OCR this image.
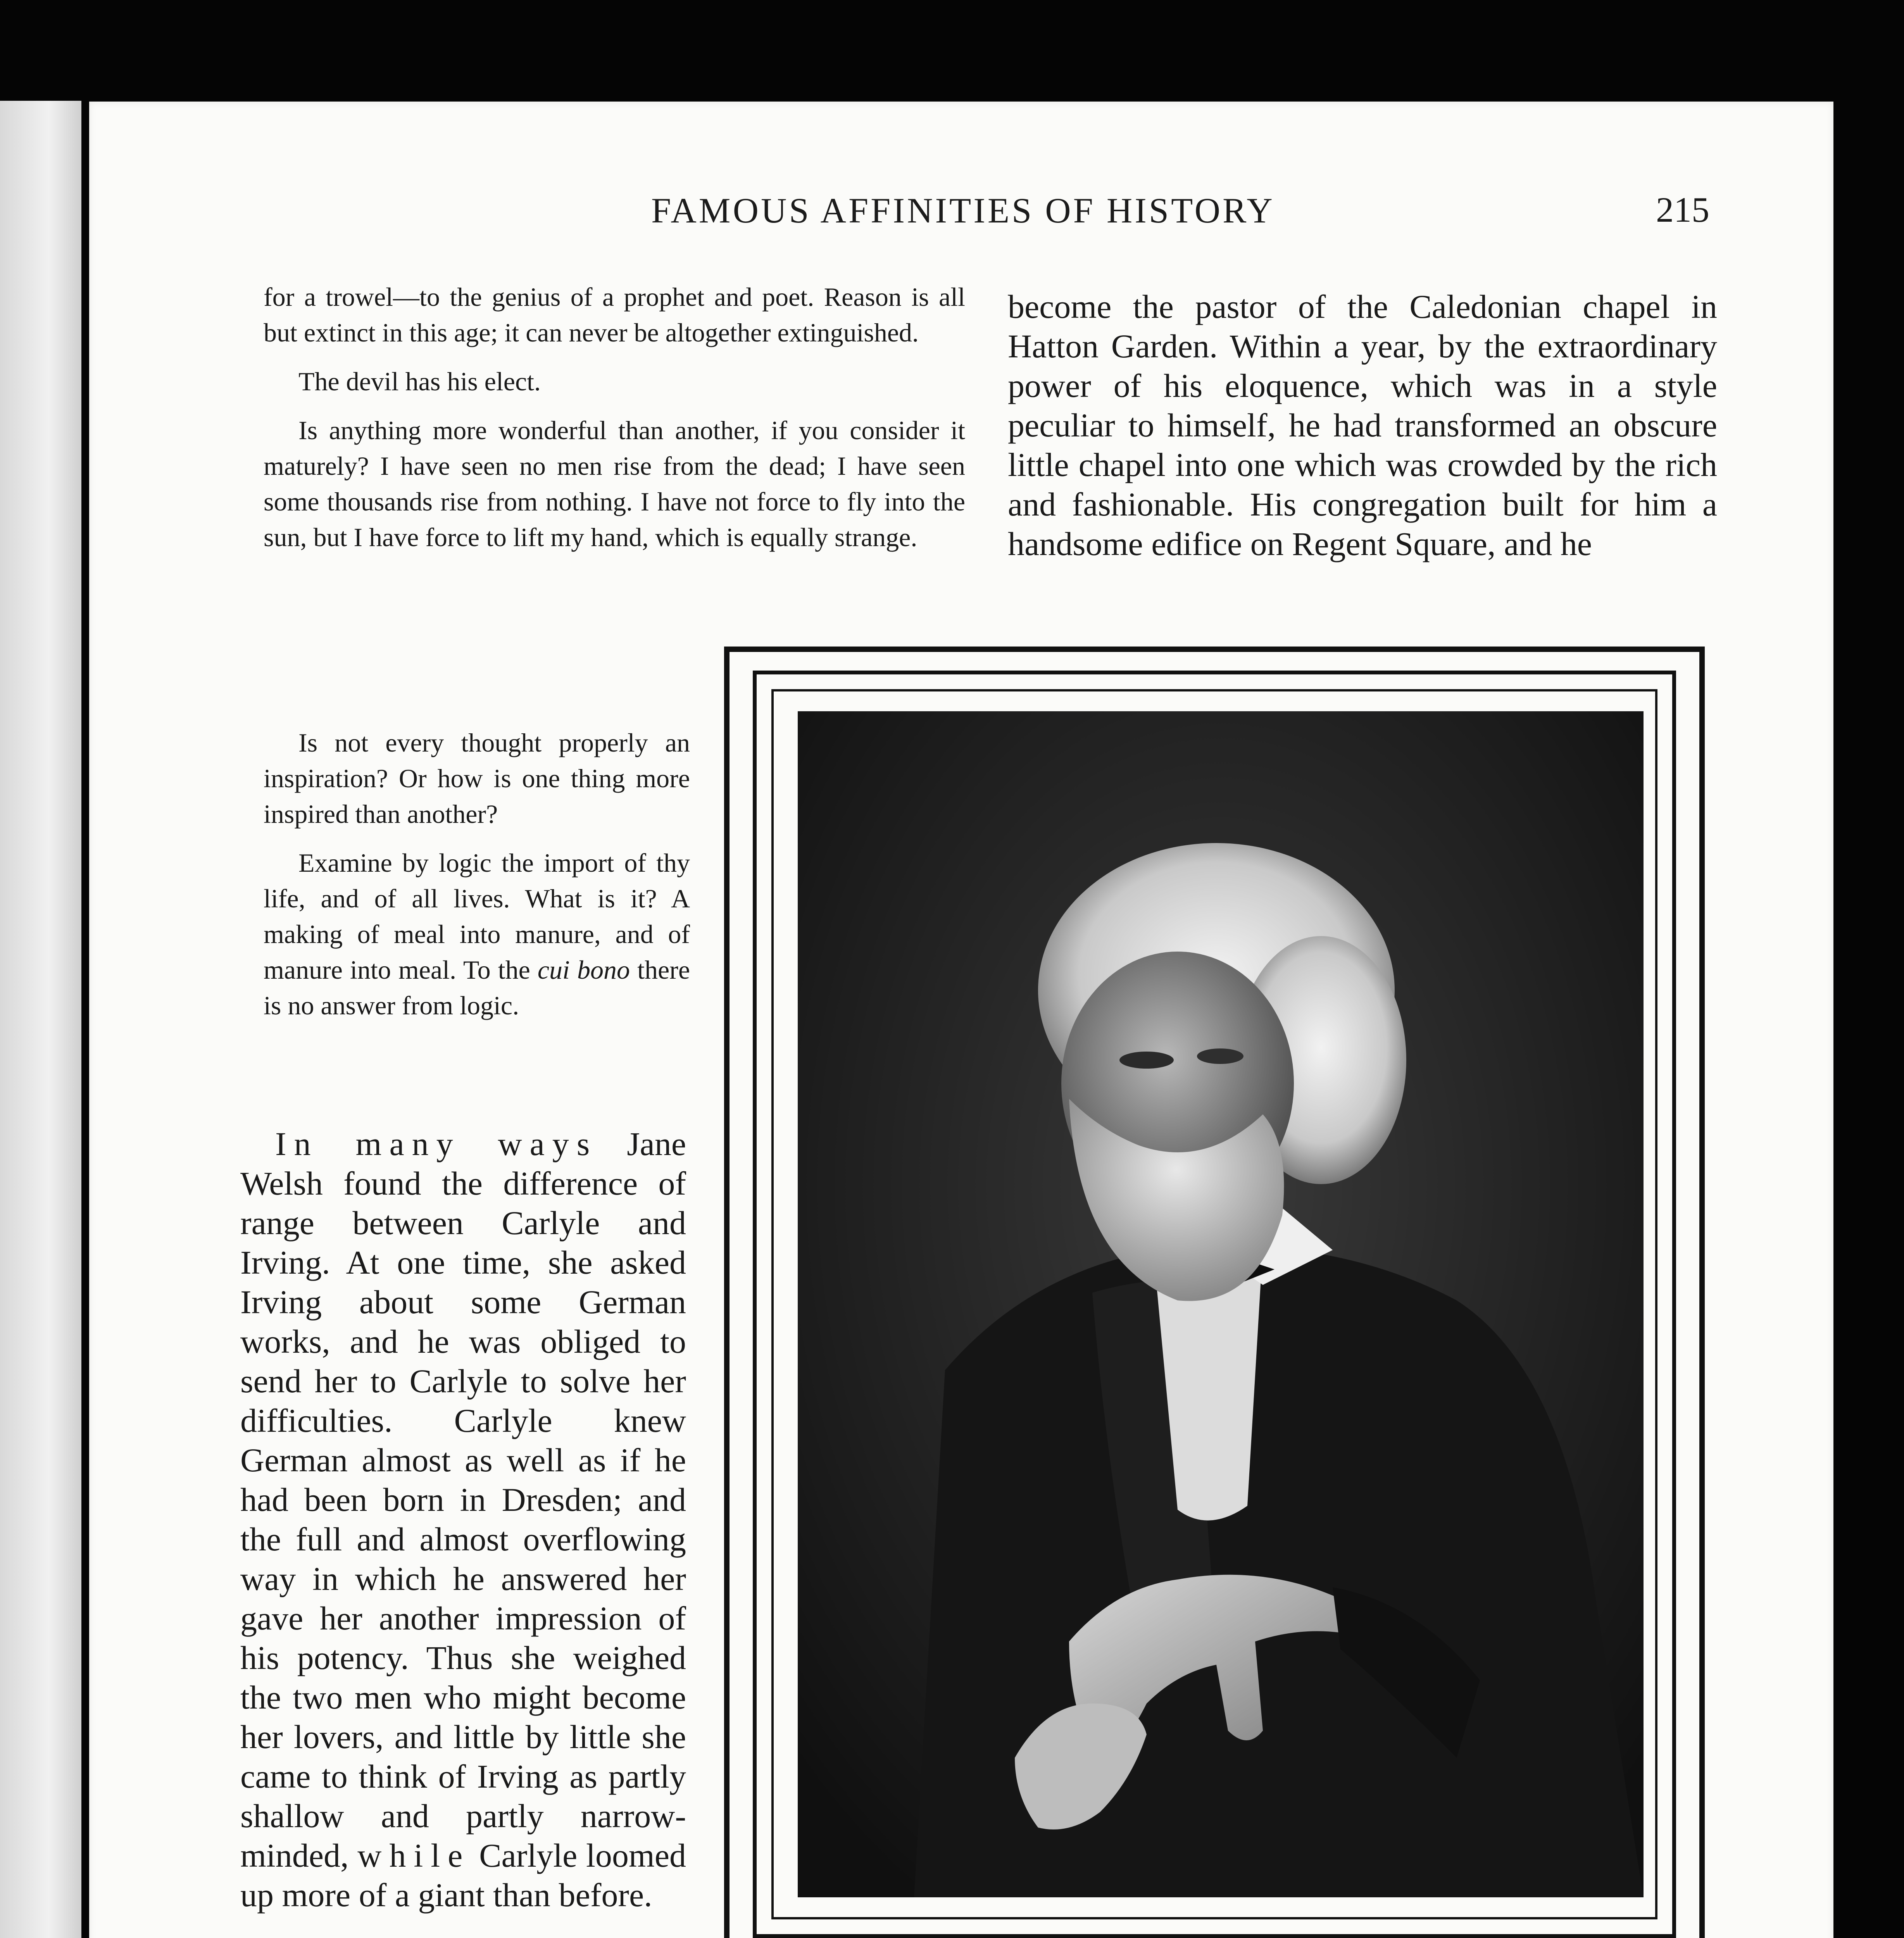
FAMOUS AFFINITIES OF HISTORY	215

for a trowel—to the genius of a prophet and poet. Reason is all but extinct in this age; it can never be altogether extinguished.

The devil has his elect.

Is anything more wonderful than another, if you consider it maturely? I have seen no men rise from the dead; I have seen some thousands rise from nothing. I have not force to fly into the sun, but I have force to lift my hand, which is equally strange.

Is not every thought properly an inspiration? Or how is one thing more inspired than another?

Examine by logic the import of thy life, and of all lives. What is it? A making of meal into manure, and of manure into meal. To the cui bono there is no answer from logic.

In many ways Jane Welsh found the difference of range between Carlyle and Irving. At one time, she asked Irving about some German works, and he was obliged to send her to Carlyle to solve her difficulties. Carlyle knew German almost as well as if he had been born in Dresden; and the full and almost overflowing way in which he answered her gave her another impression of his potency. Thus she weighed the two men who might become her lovers, and little by little she came to think of Irving as partly shallow and partly narrow-minded, while Carlyle loomed up more of a giant than before.

become the pastor of the Caledonian chapel in Hatton Garden. Within a year, by the extraordinary power of his eloquence, which was in a style peculiar to himself, he had transformed an obscure little chapel into one which was crowded by the rich and fashionable. His congregation built for him a handsome edifice on Regent Square, and he
